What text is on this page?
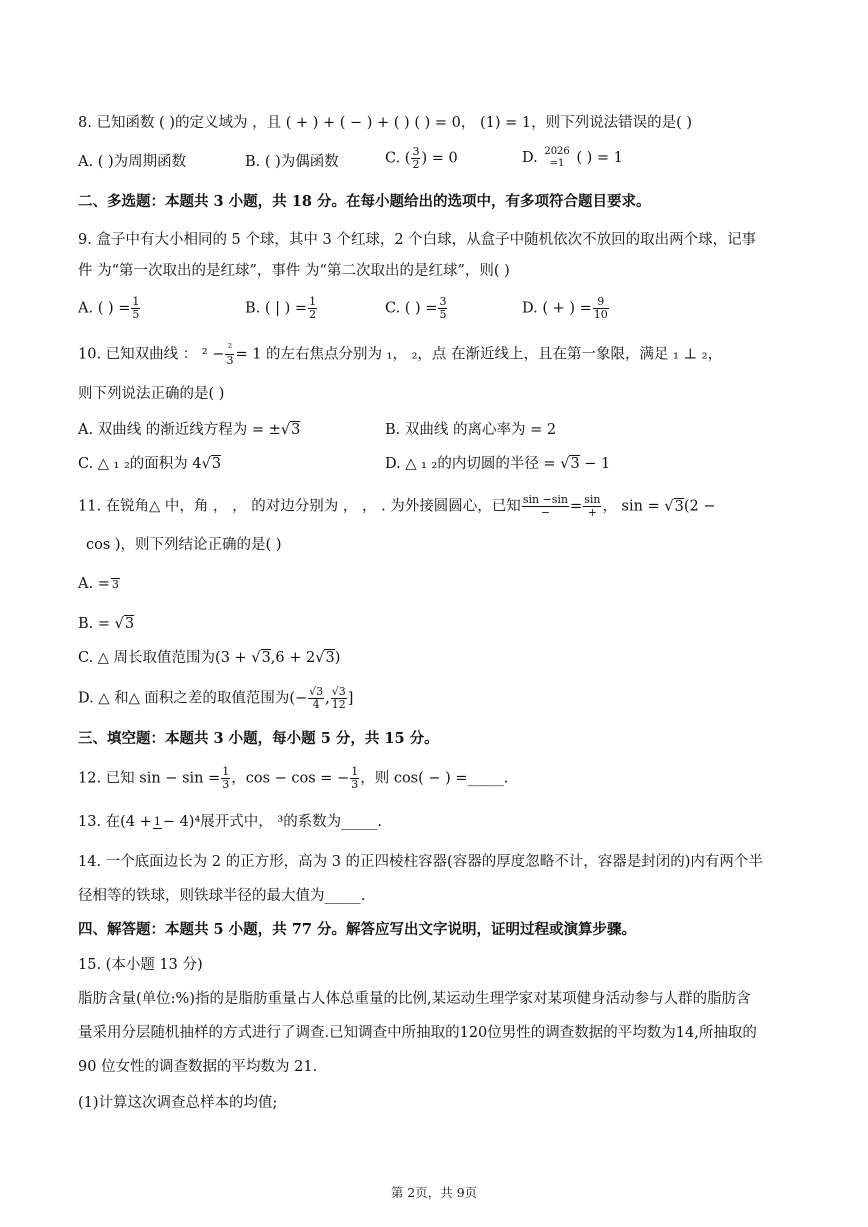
8. 已知函数 ( )的定义域为 ，且 ( + ) + ( − ) + ( ) ( ) = 0， (1) = 1，则下列说法错误的是( )
A. ( )为周期函数	B. ( )为偶函数	C. ( $\frac{3}{2}$ ) = 0	D. 2026
=1 ( ) = 1
二、多选题：本题共 3 小题，共 18 分。在每小题给出的选项中，有多项符合题目要求。
9. 盒子中有大小相同的 5 个球，其中 3 个红球，2 个白球，从盒子中随机依次不放回的取出两个球，记事
件 为“第一次取出的是红球”，事件 为“第二次取出的是红球”，则( )
A. ( ) = $\frac{1}{5}$	B. ( | ) = $\frac{1}{2}$	C. ( ) = $\frac{3}{5}$	D. ( + ) = $\frac{9}{10}$
10. 已知双曲线 ： $^2 - \frac{\text{²}}{3} = 1$ 的左右焦点分别为 ₁， ₂，点 在渐近线上，且在第一象限，满足 ₁ ⊥ ₂，
则下列说法正确的是( )
A. 双曲线 的渐近线方程为 = ±√3	B. 双曲线 的离心率为 = 2
C. △ ₁ ₂的面积为 4√3	D. △ ₁ ₂的内切圆的半径 = √3 − 1
11. 在锐角△ 中，角 ， ， 的对边分别为 ， ， . 为外接圆圆心，已知 $\frac{\sin -\sin}{-} = \frac{\sin}{+}$ ， sin = √3(2 −
cos )，则下列结论正确的是( )
A. = 3
B. = √3
C. △ 周长取值范围为(3 + √3,6 + 2√3)
D. △ 和△ 面积之差的取值范围为(− $\frac{√3}{4}$ , $\frac{√3}{12}$ ]
三、填空题：本题共 3 小题，每小题 5 分，共 15 分。
12. 已知 $\sin - \sin = \frac{1}{3}$ ，cos − cos = − $\frac{1}{3}$ ，则 cos( − ) =_____.
13. 在(4 + 1 − 4)⁴展开式中， ³的系数为_____.
14. 一个底面边长为 2 的正方形，高为 3 的正四棱柱容器(容器的厚度忽略不计，容器是封闭的)内有两个半
径相等的铁球，则铁球半径的最大值为_____.
四、解答题：本题共 5 小题，共 77 分。解答应写出文字说明，证明过程或演算步骤。
15. (本小题 13 分)
脂肪含量(单位:%)指的是脂肪重量占人体总重量的比例,某运动生理学家对某项健身活动参与人群的脂肪含
量采用分层随机抽样的方式进行了调查.已知调查中所抽取的120位男性的调查数据的平均数为14,所抽取的
90 位女性的调查数据的平均数为 21.
(1)计算这次调查总样本的均值;
第 2页，共 9页
